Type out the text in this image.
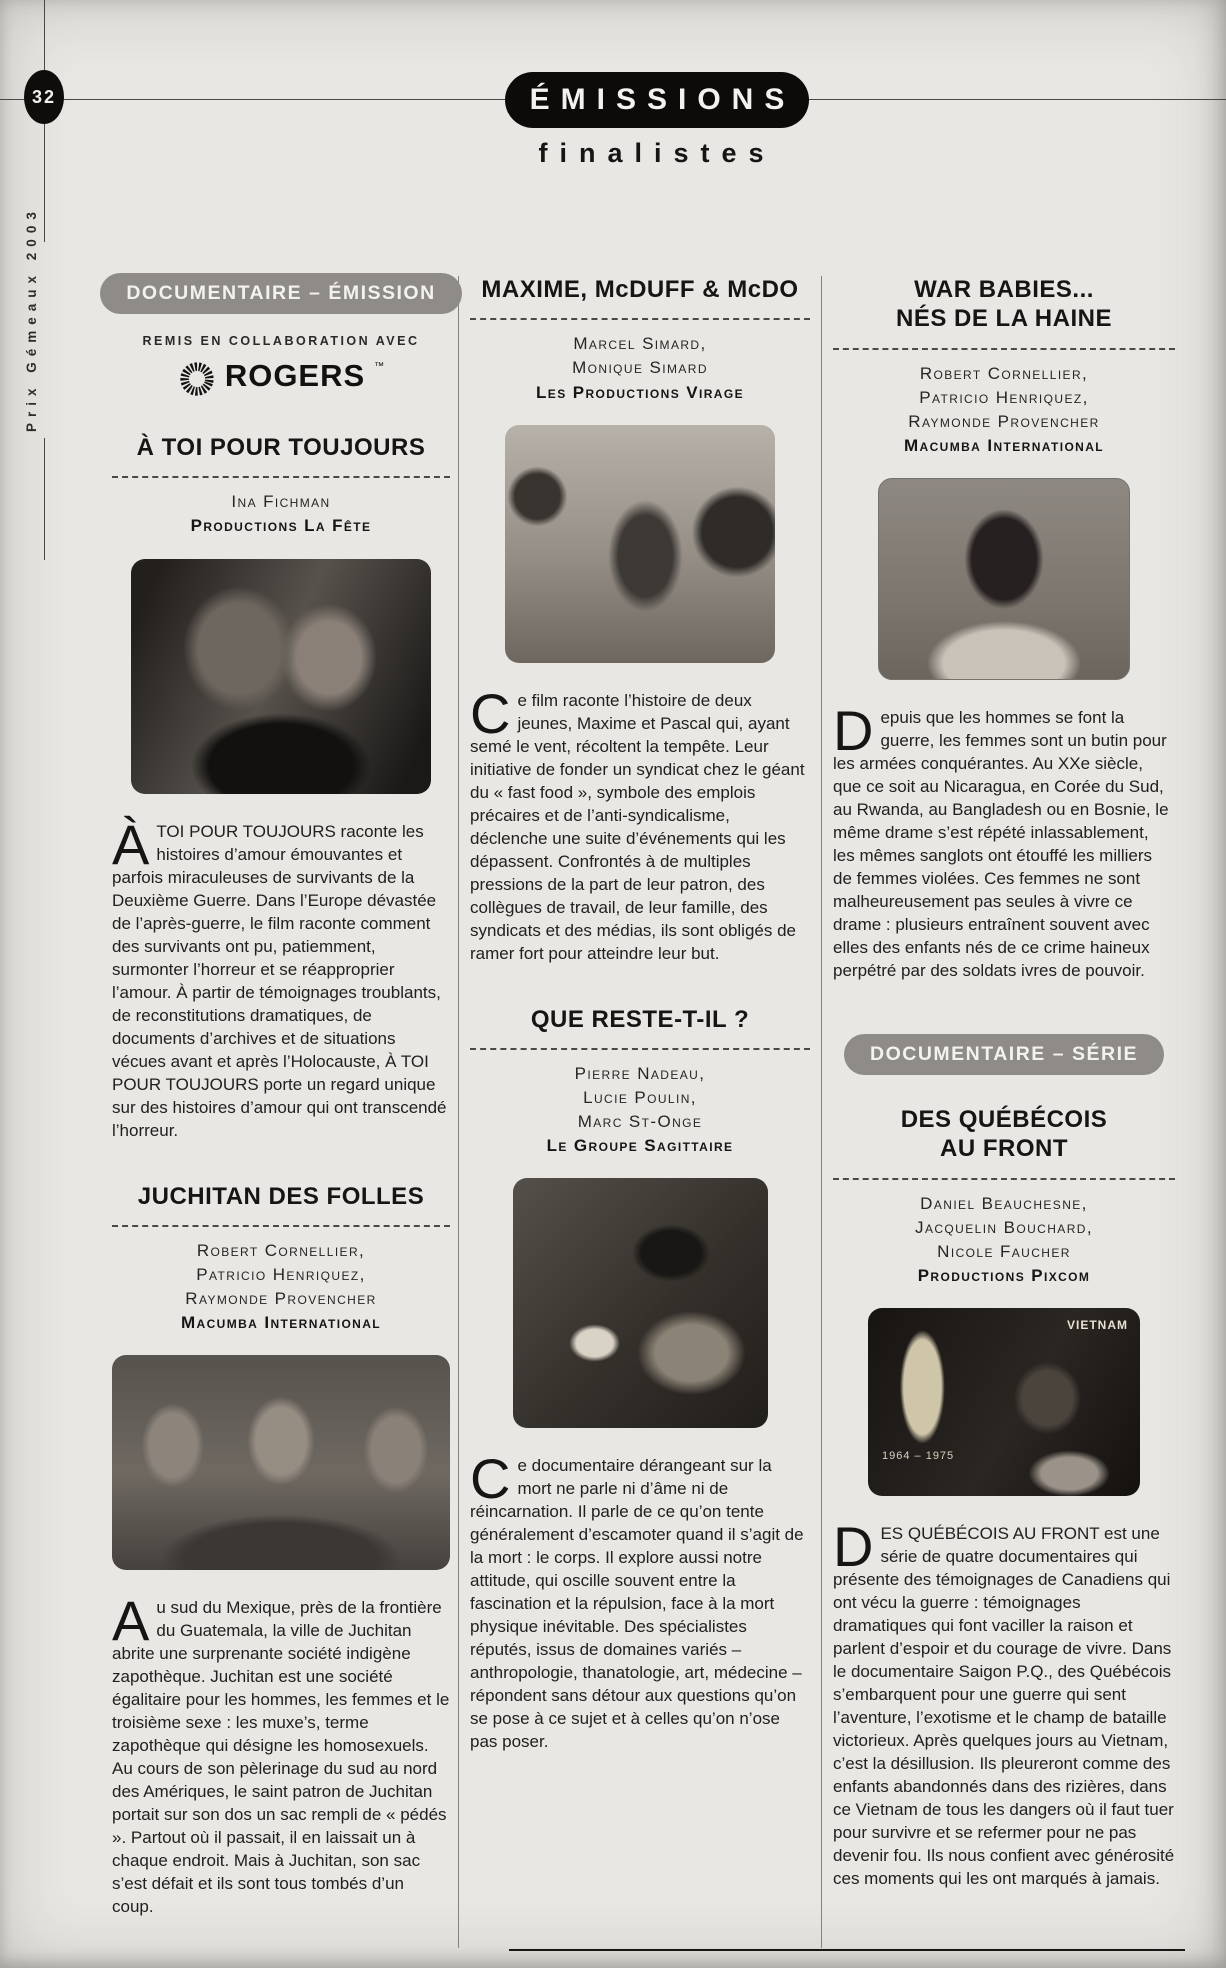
32
Prix Gémeaux 2003
ÉMISSIONS
finalistes
DOCUMENTAIRE – ÉMISSION
REMIS EN COLLABORATION AVEC
ROGERS ™
À TOI POUR TOUJOURS
Ina Fichman
Productions La Fête
ÀTOI POUR TOUJOURS raconte les histoires d’amour émouvantes et parfois miraculeuses de survivants de la Deuxième Guerre. Dans l’Europe dévastée de l’après-guerre, le film raconte comment des survivants ont pu, patiemment, surmonter l’horreur et se réapproprier l’amour. À partir de témoignages troublants, de reconstitutions dramatiques, de documents d’archives et de situations vécues avant et après l’Holocauste, À TOI POUR TOUJOURS porte un regard unique sur des histoires d’amour qui ont transcendé l’horreur.
JUCHITAN DES FOLLES
Robert Cornellier,
Patricio Henriquez,
Raymonde Provencher
Macumba International
Au sud du Mexique, près de la frontière du Guatemala, la ville de Juchitan abrite une surprenante société indigène zapothèque. Juchitan est une société égalitaire pour les hommes, les femmes et le troisième sexe : les muxe’s, terme zapothèque qui désigne les homosexuels. Au cours de son pèlerinage du sud au nord des Amériques, le saint patron de Juchitan portait sur son dos un sac rempli de « pédés ». Partout où il passait, il en laissait un à chaque endroit. Mais à Juchitan, son sac s’est défait et ils sont tous tombés d’un coup.
MAXIME, McDUFF & McDO
Marcel Simard,
Monique Simard
Les Productions Virage
Ce film raconte l’histoire de deux jeunes, Maxime et Pascal qui, ayant semé le vent, récoltent la tempête. Leur initiative de fonder un syndicat chez le géant du « fast food », symbole des emplois précaires et de l’anti-syndicalisme, déclenche une suite d’événements qui les dépassent. Confrontés à de multiples pressions de la part de leur patron, des collègues de travail, de leur famille, des syndicats et des médias, ils sont obligés de ramer fort pour atteindre leur but.
QUE RESTE-T-IL ?
Pierre Nadeau,
Lucie Poulin,
Marc St-Onge
Le Groupe Sagittaire
Ce documentaire dérangeant sur la mort ne parle ni d’âme ni de réincarnation. Il parle de ce qu’on tente généralement d’escamoter quand il s’agit de la mort : le corps. Il explore aussi notre attitude, qui oscille souvent entre la fascination et la répulsion, face à la mort physique inévitable. Des spécialistes réputés, issus de domaines variés – anthropologie, thanatologie, art, médecine – répondent sans détour aux questions qu’on se pose à ce sujet et à celles qu’on n’ose pas poser.
WAR BABIES...
NÉS DE LA HAINE
Robert Cornellier,
Patricio Henriquez,
Raymonde Provencher
Macumba International
Depuis que les hommes se font la guerre, les femmes sont un butin pour les armées conquérantes. Au XXe siècle, que ce soit au Nicaragua, en Corée du Sud, au Rwanda, au Bangladesh ou en Bosnie, le même drame s’est répété inlassablement, les mêmes sanglots ont étouffé les milliers de femmes violées. Ces femmes ne sont malheureusement pas seules à vivre ce drame : plusieurs entraînent souvent avec elles des enfants nés de ce crime haineux perpétré par des soldats ivres de pouvoir.
DOCUMENTAIRE – SÉRIE
DES QUÉBÉCOIS
AU FRONT
Daniel Beauchesne,
Jacquelin Bouchard,
Nicole Faucher
Productions Pixcom
VIETNAM
1964 – 1975
DES QUÉBÉCOIS AU FRONT est une série de quatre documentaires qui présente des témoignages de Canadiens qui ont vécu la guerre : témoignages dramatiques qui font vaciller la raison et parlent d’espoir et du courage de vivre. Dans le documentaire Saigon P.Q., des Québécois s’embarquent pour une guerre qui sent l’aventure, l’exotisme et le champ de bataille victorieux. Après quelques jours au Vietnam, c’est la désillusion. Ils pleureront comme des enfants abandonnés dans des rizières, dans ce Vietnam de tous les dangers où il faut tuer pour survivre et se refermer pour ne pas devenir fou. Ils nous confient avec générosité ces moments qui les ont marqués à jamais.
